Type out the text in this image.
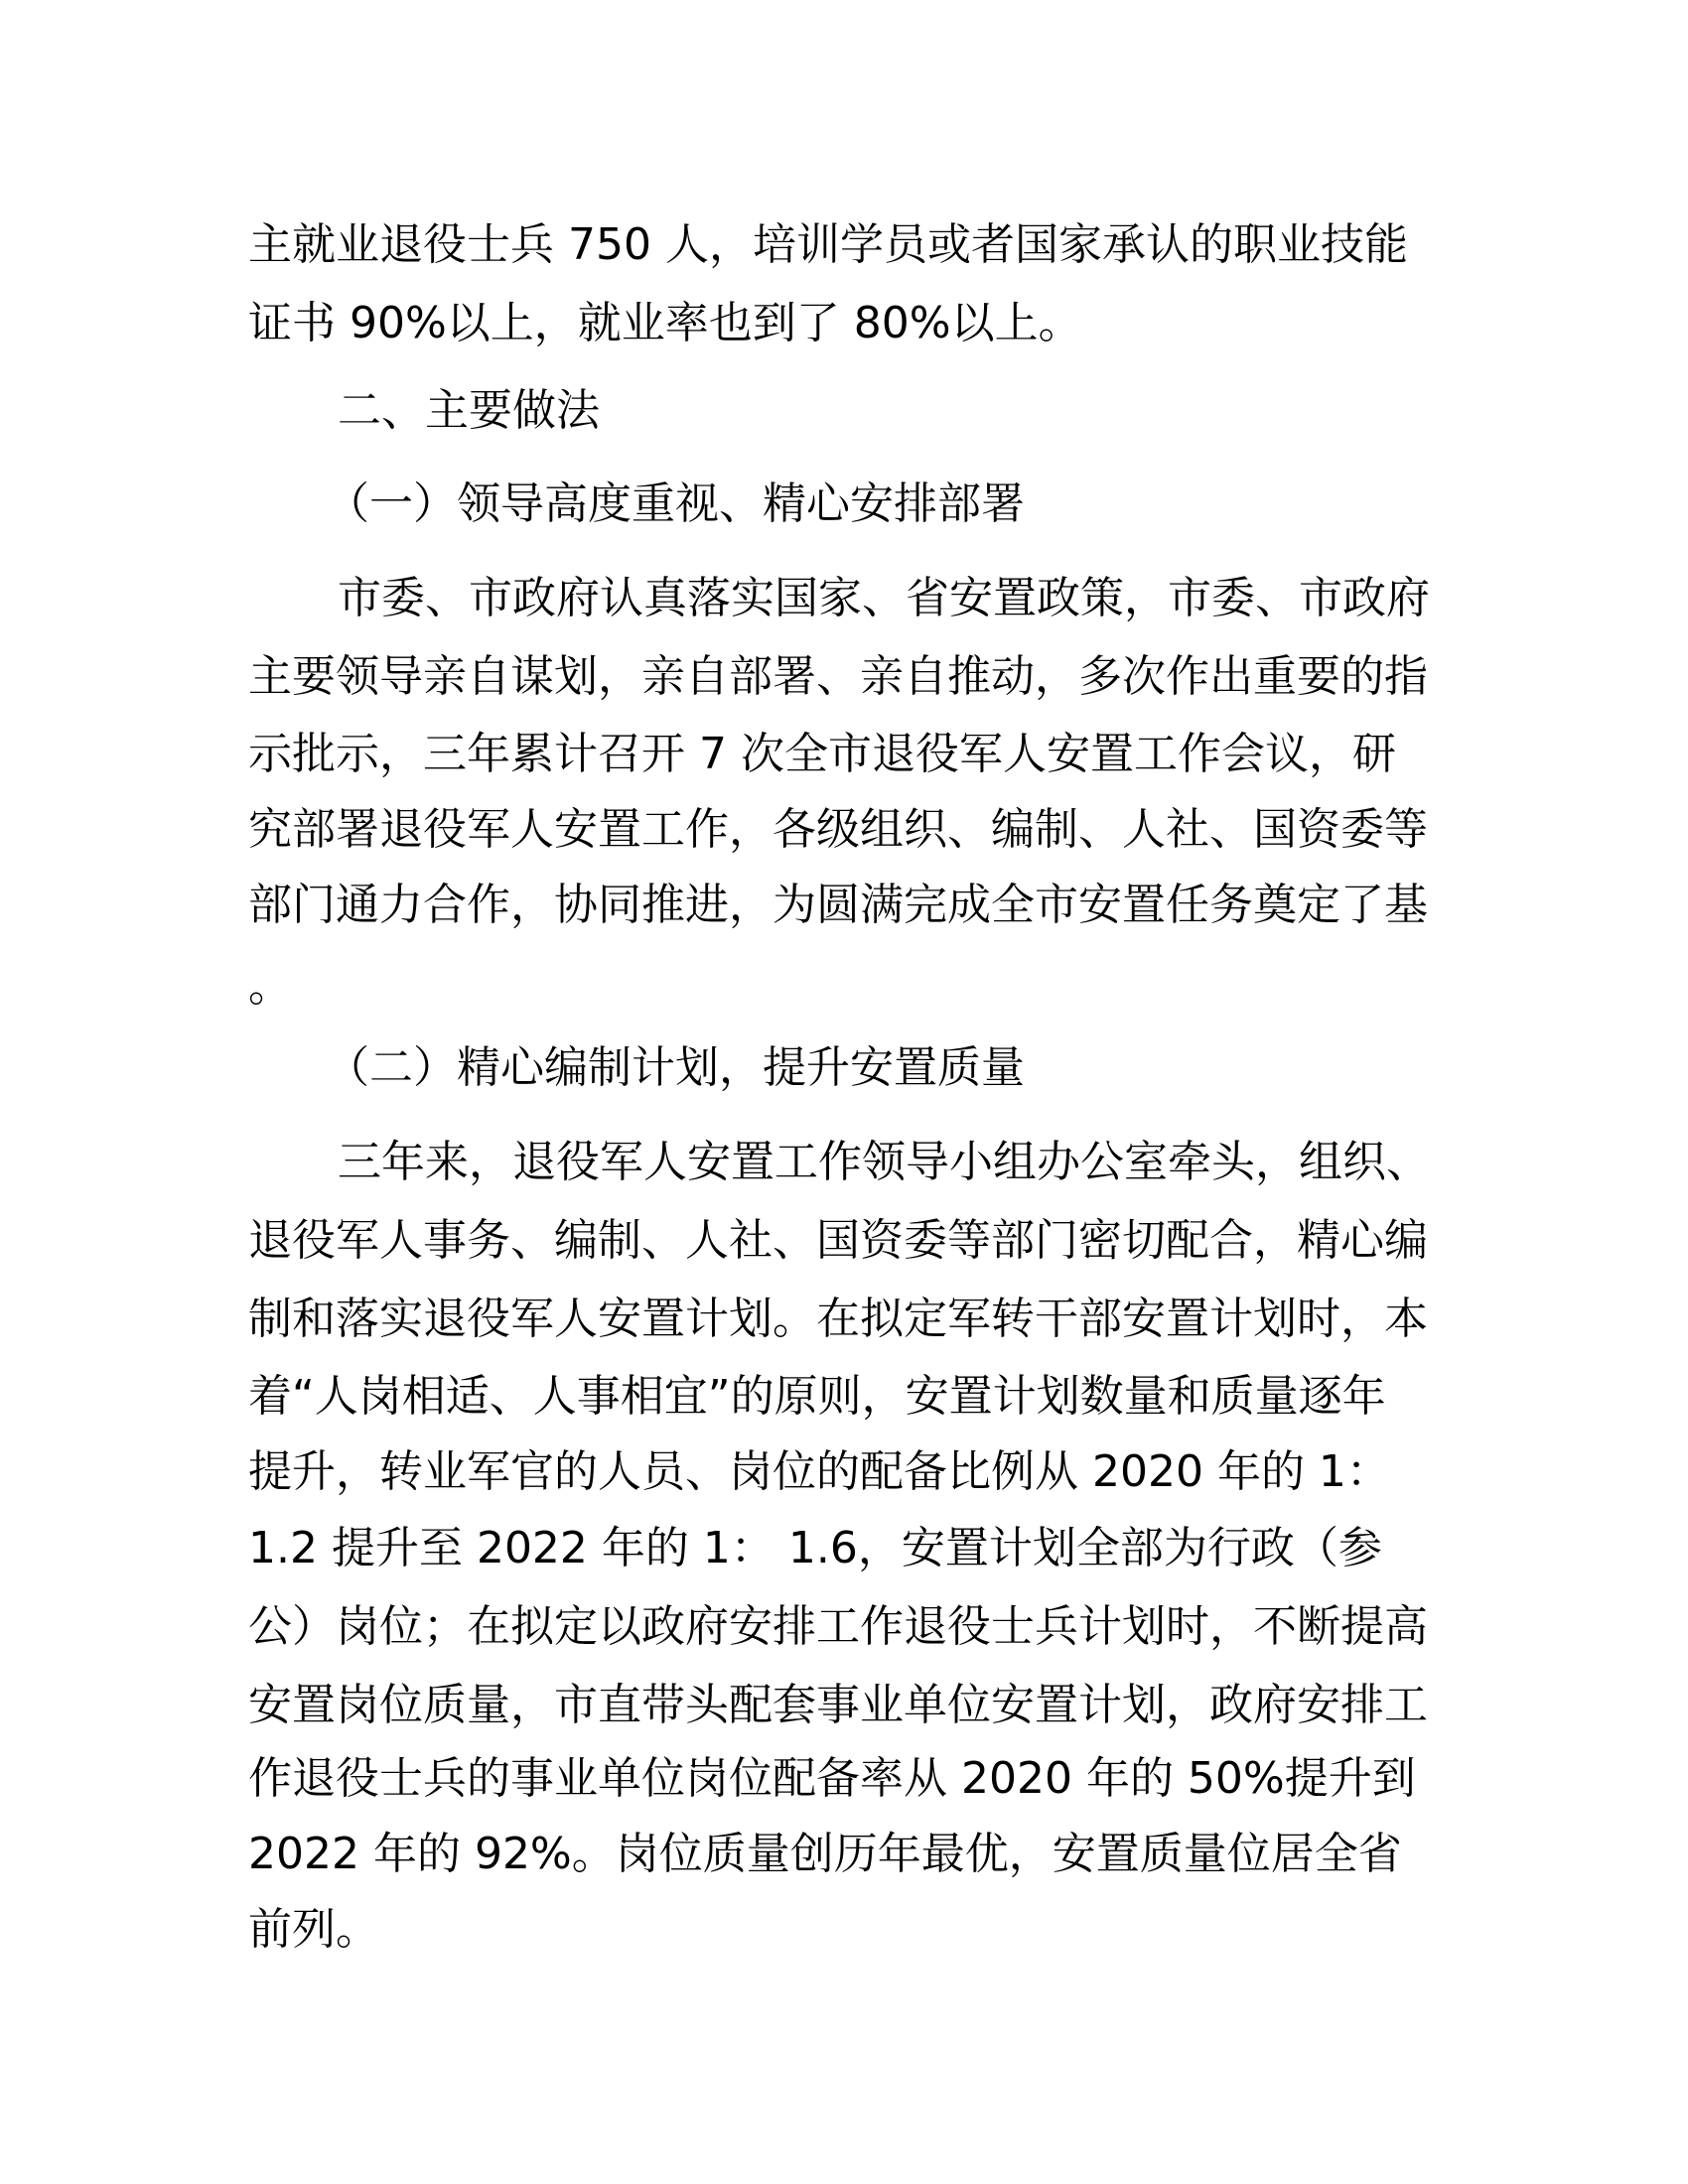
主就业退役士兵 750 人，培训学员或者国家承认的职业技能
证书 90%以上，就业率也到了 80%以上。
二、主要做法
（一）领导高度重视、精心安排部署
市委、市政府认真落实国家、省安置政策，市委、市政府
主要领导亲自谋划，亲自部署、亲自推动，多次作出重要的指
示批示，三年累计召开 7 次全市退役军人安置工作会议，研
究部署退役军人安置工作，各级组织、编制、人社、国资委等
部门通力合作，协同推进，为圆满完成全市安置任务奠定了基
。
（二）精心编制计划，提升安置质量
三年来，退役军人安置工作领导小组办公室牵头，组织、
退役军人事务、编制、人社、国资委等部门密切配合，精心编
制和落实退役军人安置计划。在拟定军转干部安置计划时，本
着“人岗相适、人事相宜”的原则，安置计划数量和质量逐年
提升，转业军官的人员、岗位的配备比例从 2020 年的 1：
1.2 提升至 2022 年的 1： 1.6，安置计划全部为行政（参
公）岗位；在拟定以政府安排工作退役士兵计划时，不断提高
安置岗位质量，市直带头配套事业单位安置计划，政府安排工
作退役士兵的事业单位岗位配备率从 2020 年的 50%提升到
2022 年的 92%。岗位质量创历年最优，安置质量位居全省
前列。
